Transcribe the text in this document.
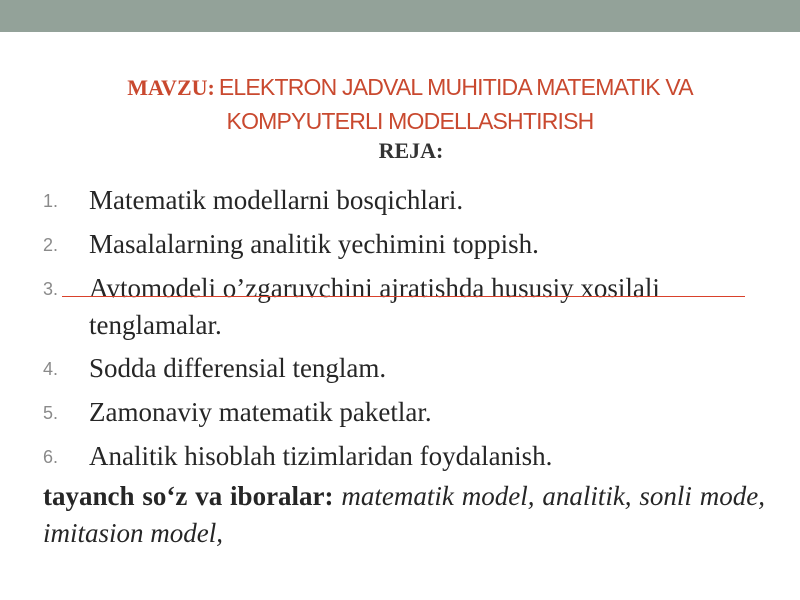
MAVZU: ELEKTRON JADVAL MUHITIDA MATEMATIK VA KOMPYUTERLI MODELLASHTIRISH
REJA:
1. Matematik modellarni bosqichlari.
2. Masalalarning analitik yechimini toppish.
3. Avtomodeli o’zgaruvchini ajratishda hususiy xosilali tenglamalar.
4. Sodda differensial tenglam.
5. Zamonaviy matematik paketlar.
6. Analitik hisoblah tizimlaridan foydalanish.
tayanch so‘z va iboralar: matematik model, analitik, sonli mode, imitasion model,
